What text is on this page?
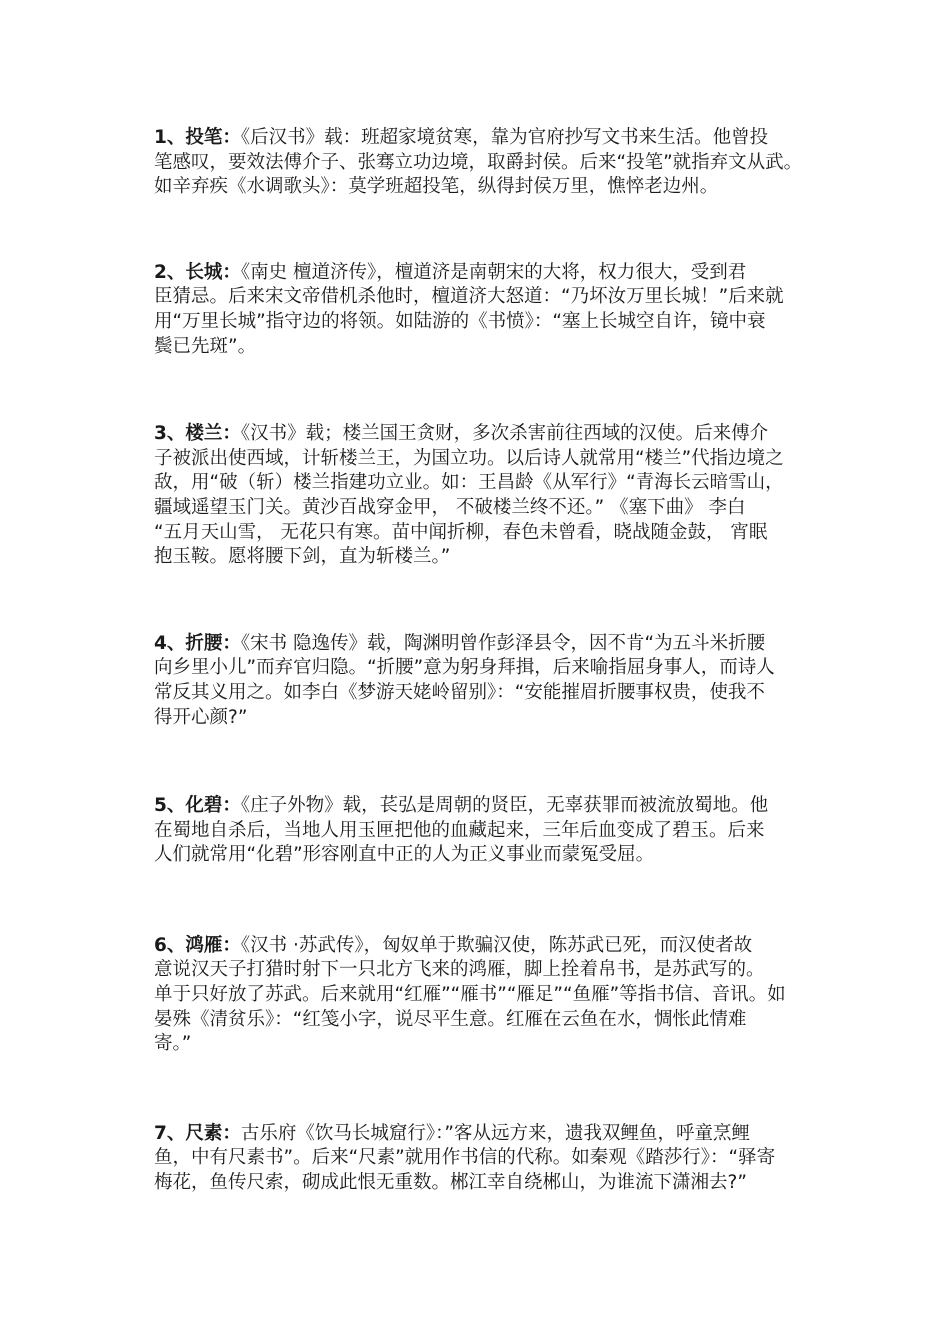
1、投笔：《后汉书》载：班超家境贫寒，靠为官府抄写文书来生活。他曾投
笔感叹，要效法傅介子、张骞立功边境，取爵封侯。后来“投笔”就指弃文从武。
如辛弃疾《水调歌头》：莫学班超投笔，纵得封侯万里，憔悴老边州。

2、长城：《南史 檀道济传》，檀道济是南朝宋的大将，权力很大，受到君
臣猜忌。后来宋文帝借机杀他时，檀道济大怒道：“乃坏汝万里长城！”后来就
用“万里长城”指守边的将领。如陆游的《书愤》：“塞上长城空自许，镜中衰
鬓已先斑”。

3、楼兰：《汉书》载；楼兰国王贪财，多次杀害前往西域的汉使。后来傅介
子被派出使西域，计斩楼兰王，为国立功。以后诗人就常用“楼兰”代指边境之
敌，用“破（斩）楼兰指建功立业。如：王昌龄《从军行》“青海长云暗雪山，
疆域遥望玉门关。黄沙百战穿金甲， 不破楼兰终不还。” 《塞下曲》 李白
“五月天山雪， 无花只有寒。苗中闻折柳，春色未曾看，晓战随金鼓， 宵眠
抱玉鞍。愿将腰下剑，直为斩楼兰。”

4、折腰：《宋书 隐逸传》载，陶渊明曾作彭泽县令，因不肯“为五斗米折腰
向乡里小儿”而弃官归隐。“折腰”意为躬身拜揖，后来喻指屈身事人，而诗人
常反其义用之。如李白《梦游天姥岭留别》：“安能摧眉折腰事权贵，使我不
得开心颜?”

5、化碧：《庄子外物》载，苌弘是周朝的贤臣，无辜获罪而被流放蜀地。他
在蜀地自杀后，当地人用玉匣把他的血藏起来，三年后血变成了碧玉。后来
人们就常用“化碧”形容刚直中正的人为正义事业而蒙冤受屈。

6、鸿雁：《汉书 ·苏武传》，匈奴单于欺骗汉使，陈苏武已死，而汉使者故
意说汉天子打猎时射下一只北方飞来的鸿雁，脚上拴着帛书，是苏武写的。
单于只好放了苏武。后来就用“红雁”“雁书”“雁足”“鱼雁”等指书信、音讯。如
晏殊《清贫乐》：“红笺小字，说尽平生意。红雁在云鱼在水，惆怅此情难
寄。”

7、尺素：古乐府《饮马长城窟行》：”客从远方来，遗我双鲤鱼，呼童烹鲤
鱼，中有尺素书”。后来“尺素”就用作书信的代称。如秦观《踏莎行》：“驿寄
梅花，鱼传尺索，砌成此恨无重数。郴江幸自绕郴山，为谁流下潇湘去?”
